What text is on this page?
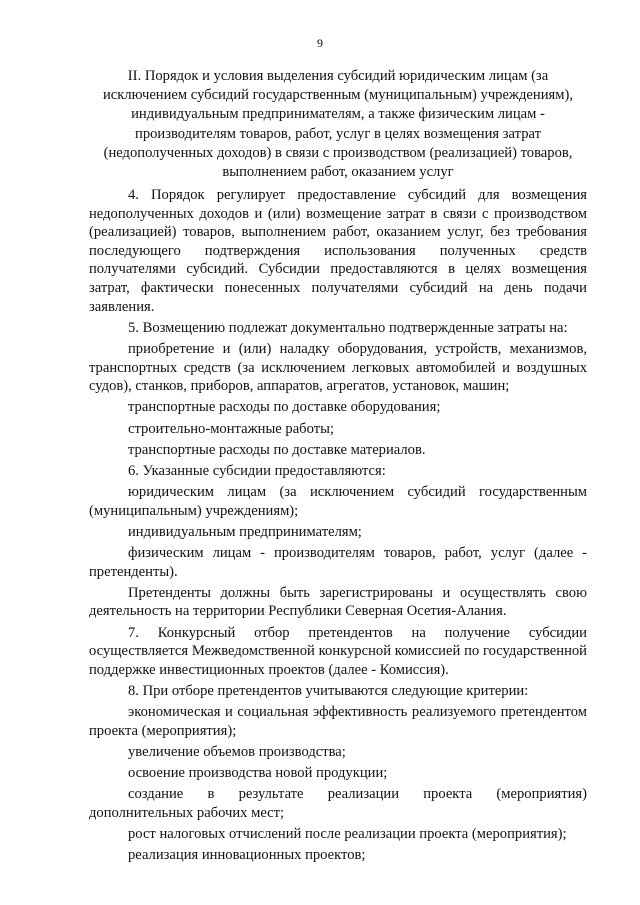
9
II. Порядок и условия выделения субсидий юридическим лицам (за
исключением субсидий государственным (муниципальным) учреждениям),
индивидуальным предпринимателям, а также физическим лицам -
производителям товаров, работ, услуг в целях возмещения затрат
(недополученных доходов) в связи с производством (реализацией) товаров,
выполнением работ, оказанием услуг

4. Порядок регулирует предоставление субсидий для возмещения недополученных доходов и (или) возмещение затрат в связи с производством (реализацией) товаров, выполнением работ, оказанием услуг, без требования последующего подтверждения использования полученных средств получателями субсидий. Субсидии предоставляются в целях возмещения затрат, фактически понесенных получателями субсидий на день подачи заявления.

5. Возмещению подлежат документально подтвержденные затраты на:

приобретение и (или) наладку оборудования, устройств, механизмов, транспортных средств (за исключением легковых автомобилей и воздушных судов), станков, приборов, аппаратов, агрегатов, установок, машин;

транспортные расходы по доставке оборудования;

строительно-монтажные работы;

транспортные расходы по доставке материалов.

6. Указанные субсидии предоставляются:

юридическим лицам (за исключением субсидий государственным (муниципальным) учреждениям);

индивидуальным предпринимателям;

физическим лицам - производителям товаров, работ, услуг (далее - претенденты).

Претенденты должны быть зарегистрированы и осуществлять свою деятельность на территории Республики Северная Осетия-Алания.

7. Конкурсный отбор претендентов на получение субсидии осуществляется Межведомственной конкурсной комиссией по государственной поддержке инвестиционных проектов (далее - Комиссия).

8. При отборе претендентов учитываются следующие критерии:

экономическая и социальная эффективность реализуемого претендентом проекта (мероприятия);

увеличение объемов производства;

освоение производства новой продукции;

создание в результате реализации проекта (мероприятия) дополнительных рабочих мест;

рост налоговых отчислений после реализации проекта (мероприятия);

реализация инновационных проектов;
